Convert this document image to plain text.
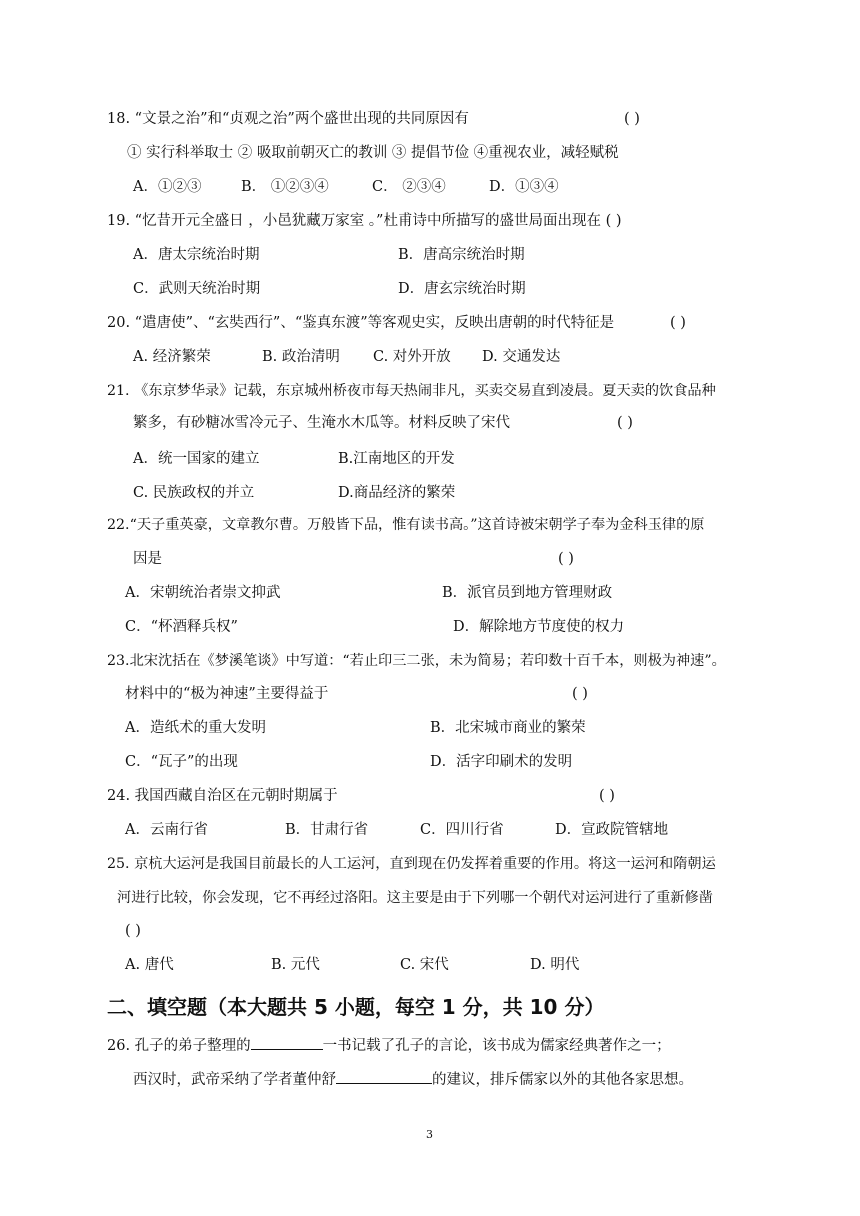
18. “文景之治”和“贞观之治”两个盛世出现的共同原因有	( )
① 实行科举取士 ② 吸取前朝灭亡的教训 ③ 提倡节俭 ④重视农业，减轻赋税
A．①②③	B． ①②③④	C． ②③④	D．①③④
19. “忆昔开元全盛日 ，小邑犹藏万家室 。”杜甫诗中所描写的盛世局面出现在 ( )
A．唐太宗统治时期	B．唐高宗统治时期
C．武则天统治时期	D．唐玄宗统治时期
20. “遣唐使”、“玄奘西行”、“鉴真东渡”等客观史实，反映出唐朝的时代特征是	( )
A. 经济繁荣	B. 政治清明 C. 对外开放 D. 交通发达
21. 《东京梦华录》记载，东京城州桥夜市每天热闹非凡，买卖交易直到凌晨。夏天卖的饮食品种
繁多，有砂糖冰雪冷元子、生淹水木瓜等。材料反映了宋代	( )
A．统一国家的建立	B.江南地区的开发
C. 民族政权的并立	D.商品经济的繁荣
22.“天子重英豪，文章教尔曹。万般皆下品，惟有读书高。”这首诗被宋朝学子奉为金科玉律的原
因是	( )
A．宋朝统治者崇文抑武	B．派官员到地方管理财政
C．“杯酒释兵权”	D．解除地方节度使的权力
23.北宋沈括在《梦溪笔谈》中写道：“若止印三二张，未为简易；若印数十百千本，则极为神速”。
材料中的“极为神速”主要得益于	( )
A．造纸术的重大发明	B．北宋城市商业的繁荣
C．“瓦子”的出现	D．活字印刷术的发明
24. 我国西藏自治区在元朝时期属于	( )
A．云南行省	B．甘肃行省	C．四川行省	D．宣政院管辖地
25. 京杭大运河是我国目前最长的人工运河，直到现在仍发挥着重要的作用。将这一运河和隋朝运
河进行比较，你会发现，它不再经过洛阳。这主要是由于下列哪一个朝代对运河进行了重新修凿
( )
A. 唐代	B. 元代	C. 宋代	D. 明代
二、填空题（本大题共 5 小题，每空 1 分，共 10 分）
26. 孔子的弟子整理的	一书记载了孔子的言论，该书成为儒家经典著作之一；
西汉时，武帝采纳了学者董仲舒	的建议，排斥儒家以外的其他各家思想。
3
